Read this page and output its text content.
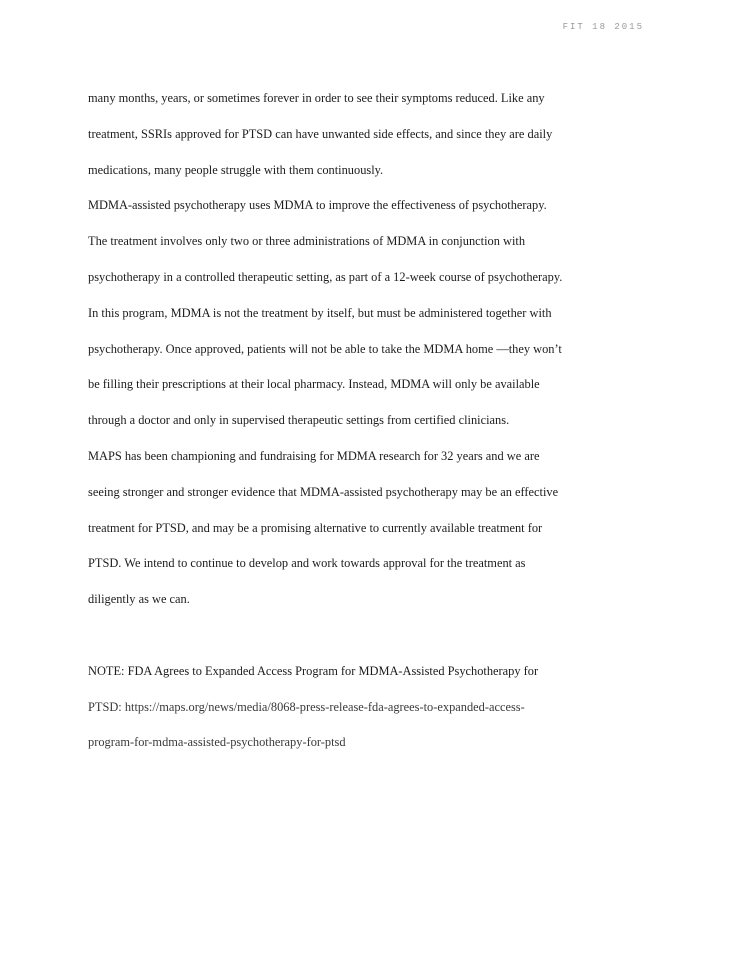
FIT 18 2015
many months, years, or sometimes forever in order to see their symptoms reduced. Like any
treatment, SSRIs approved for PTSD can have unwanted side effects, and since they are daily
medications, many people struggle with them continuously.
MDMA-assisted psychotherapy uses MDMA to improve the effectiveness of psychotherapy.
The treatment involves only two or three administrations of MDMA in conjunction with
psychotherapy in a controlled therapeutic setting, as part of a 12-week course of psychotherapy.
In this program, MDMA is not the treatment by itself, but must be administered together with
psychotherapy. Once approved, patients will not be able to take the MDMA home —they won’t
be filling their prescriptions at their local pharmacy. Instead, MDMA will only be available
through a doctor and only in supervised therapeutic settings from certified clinicians.
MAPS has been championing and fundraising for MDMA research for 32 years and we are
seeing stronger and stronger evidence that MDMA-assisted psychotherapy may be an effective
treatment for PTSD, and may be a promising alternative to currently available treatment for
PTSD. We intend to continue to develop and work towards approval for the treatment as
diligently as we can.
NOTE: FDA Agrees to Expanded Access Program for MDMA-Assisted Psychotherapy for
PTSD: https://maps.org/news/media/8068-press-release-fda-agrees-to-expanded-access-
program-for-mdma-assisted-psychotherapy-for-ptsd
